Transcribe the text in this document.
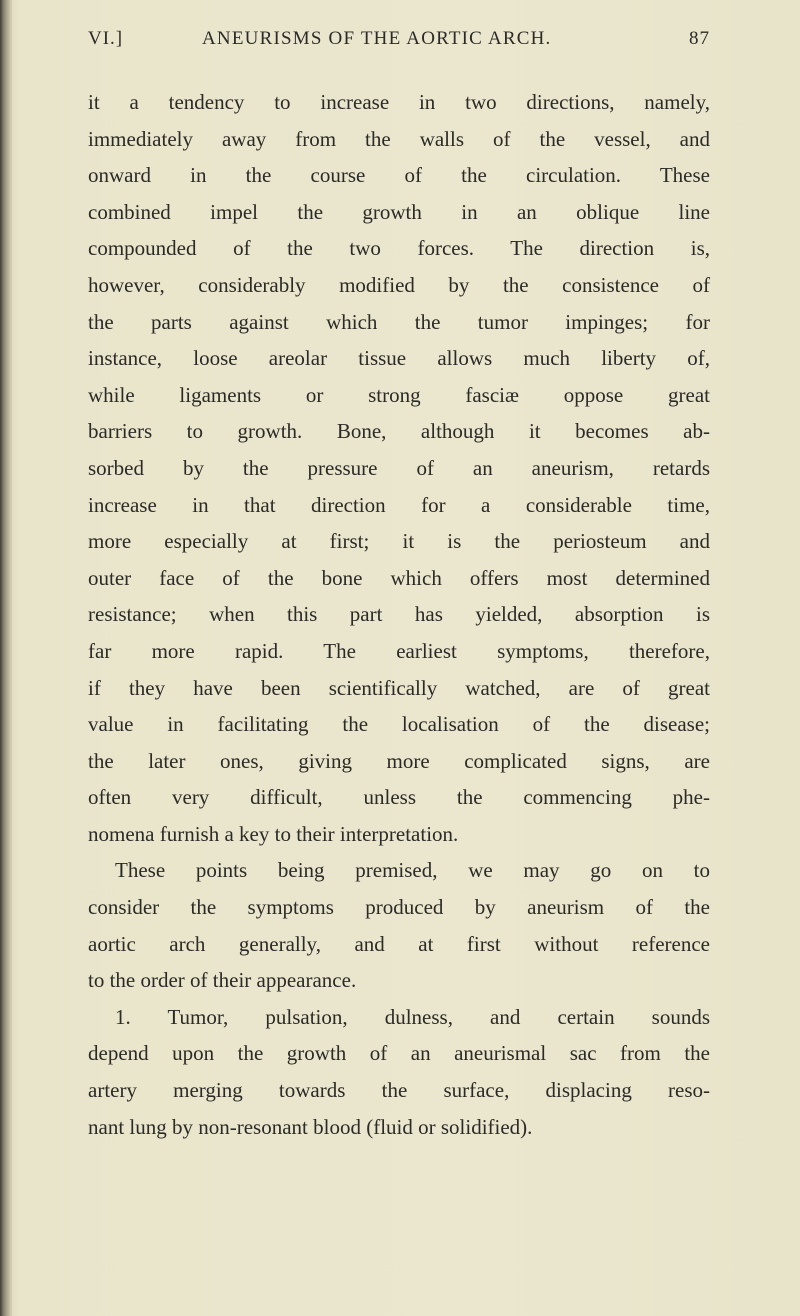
VI.]	ANEURISMS OF THE AORTIC ARCH.	87
it a tendency to increase in two directions, namely,
immediately away from the walls of the vessel, and
onward in the course of the circulation. These
combined impel the growth in an oblique line
compounded of the two forces. The direction is,
however, considerably modified by the consistence of
the parts against which the tumor impinges; for
instance, loose areolar tissue allows much liberty of,
while ligaments or strong fasciæ oppose great
barriers to growth. Bone, although it becomes ab-
sorbed by the pressure of an aneurism, retards
increase in that direction for a considerable time,
more especially at first; it is the periosteum and
outer face of the bone which offers most determined
resistance; when this part has yielded, absorption is
far more rapid. The earliest symptoms, therefore,
if they have been scientifically watched, are of great
value in facilitating the localisation of the disease;
the later ones, giving more complicated signs, are
often very difficult, unless the commencing phe-
nomena furnish a key to their interpretation.
These points being premised, we may go on to
consider the symptoms produced by aneurism of the
aortic arch generally, and at first without reference
to the order of their appearance.
1. Tumor, pulsation, dulness, and certain sounds
depend upon the growth of an aneurismal sac from the
artery merging towards the surface, displacing reso-
nant lung by non-resonant blood (fluid or solidified).
